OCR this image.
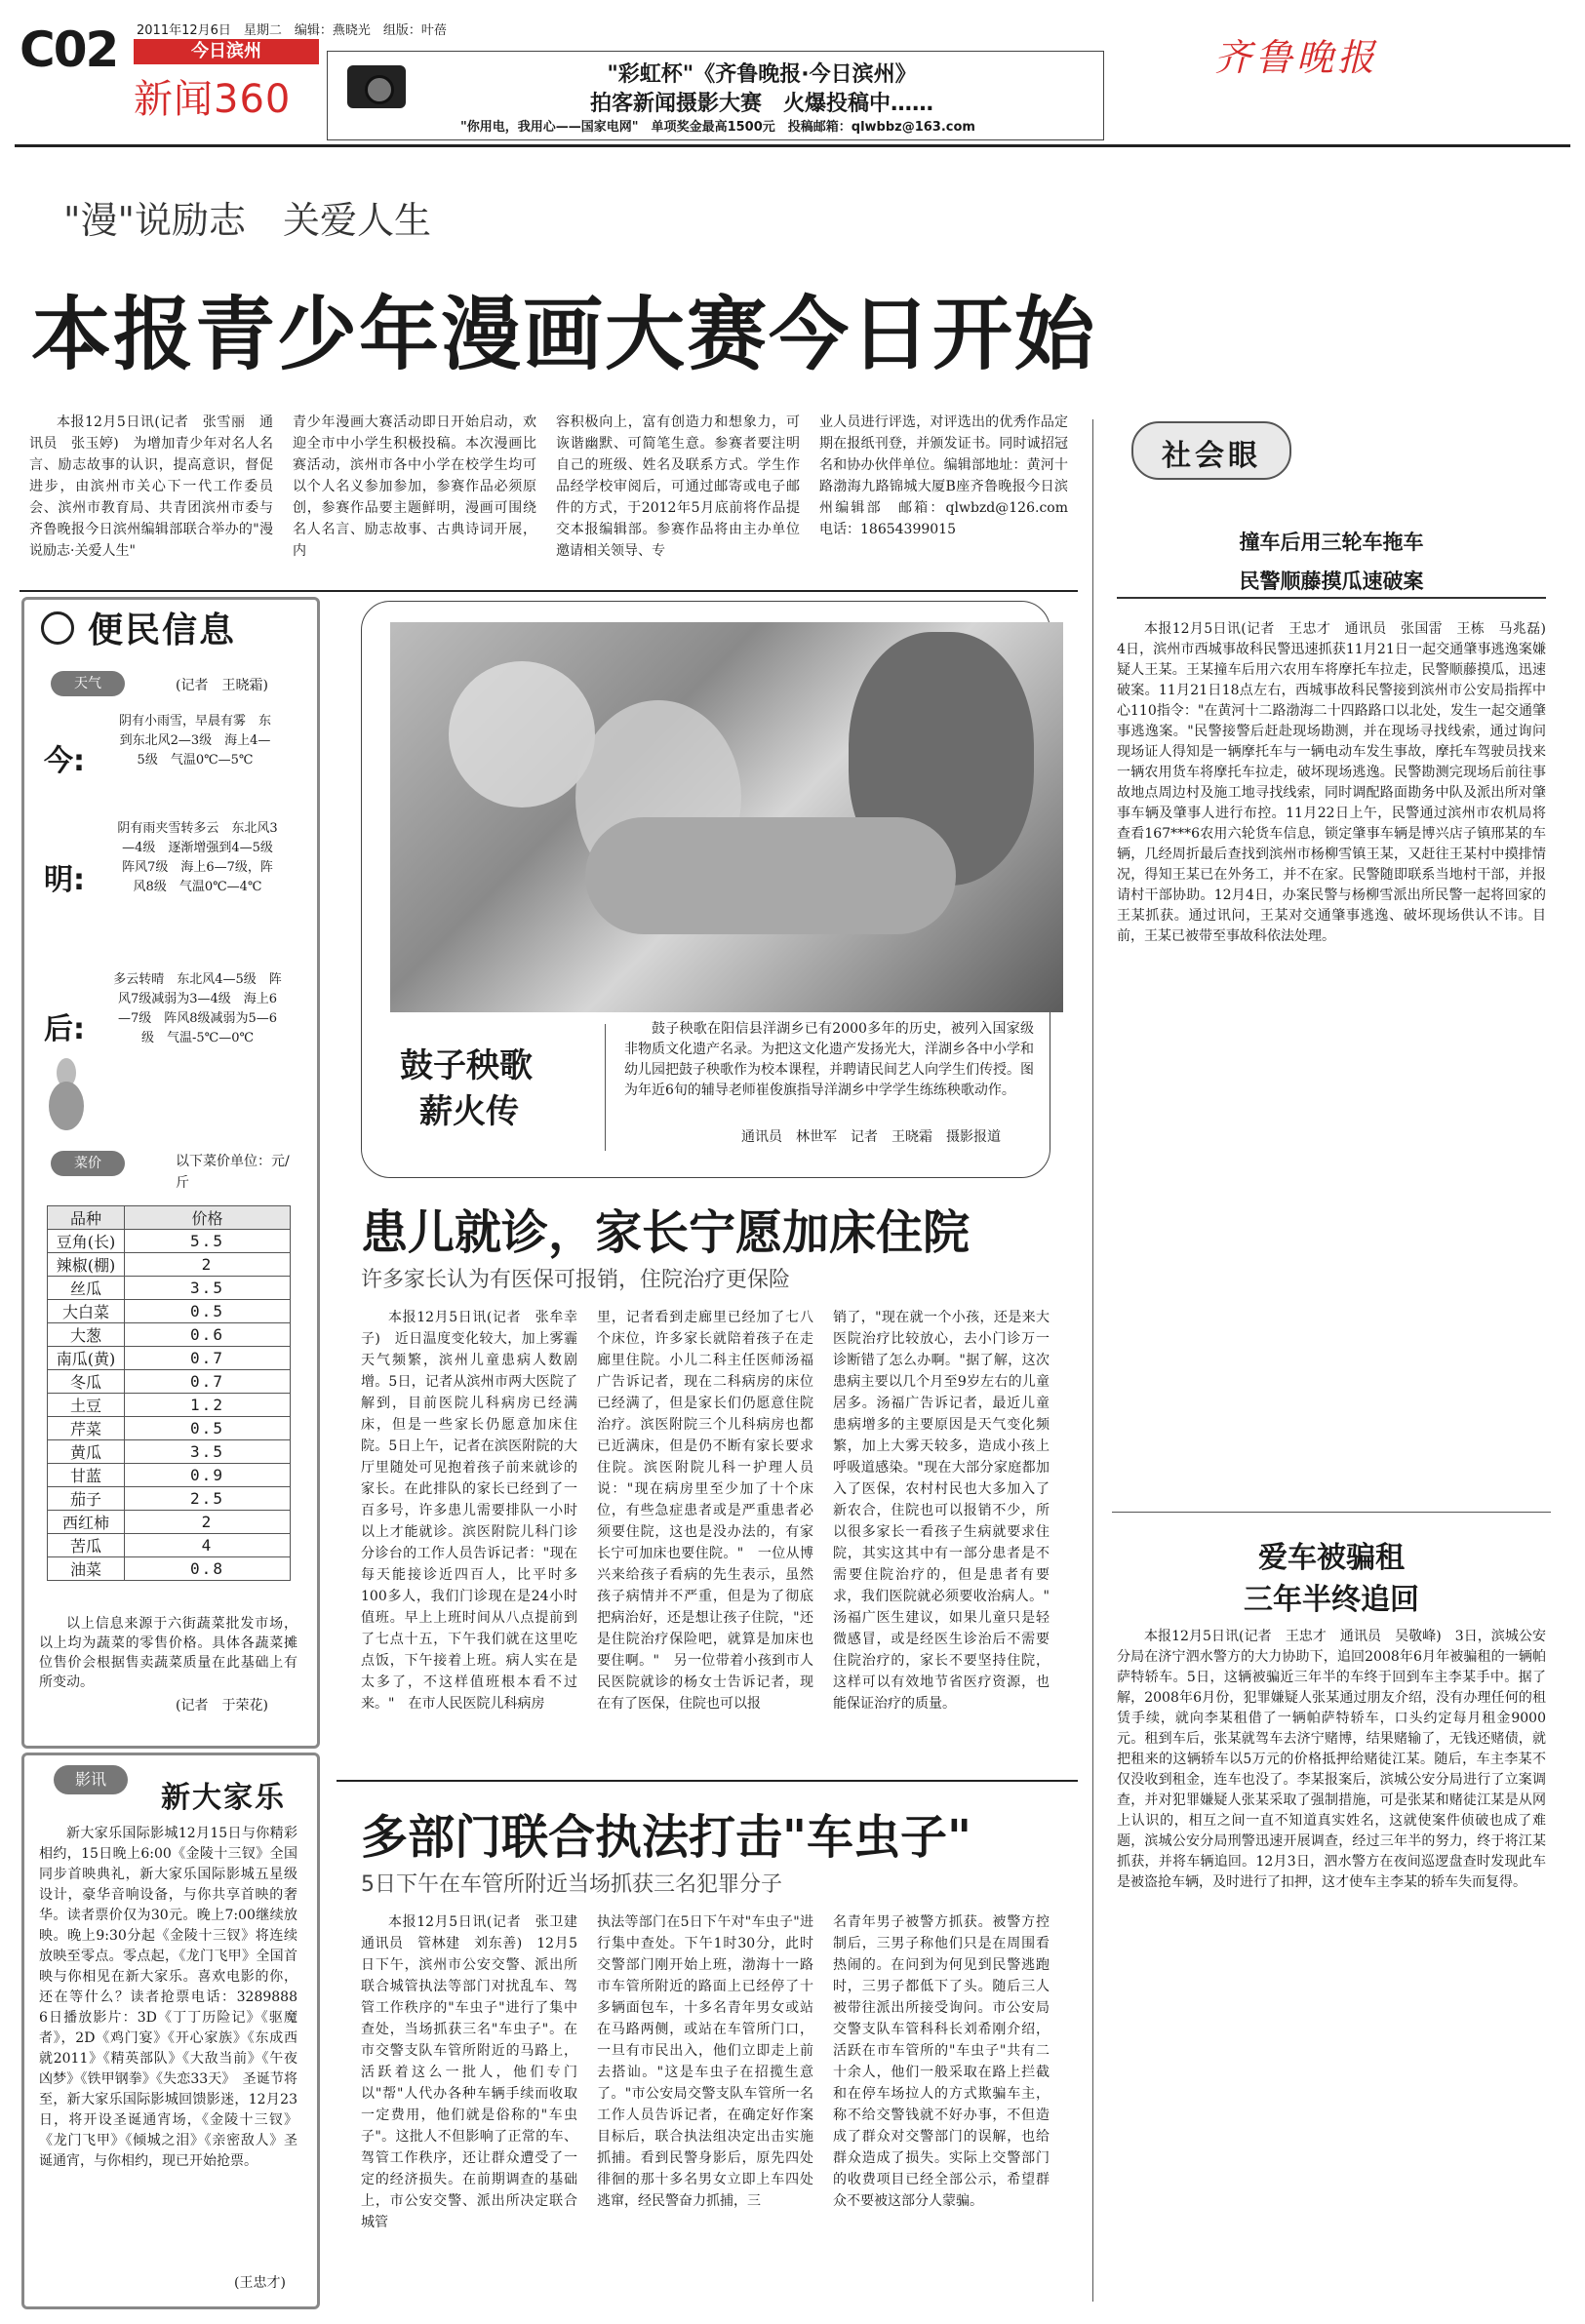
C02 2011年12月6日　星期二　编辑：燕晓光　组版：叶蓓
今日滨州
新闻360
"彩虹杯"《齐鲁晚报·今日滨州》
拍客新闻摄影大赛　火爆投稿中……
"你用电，我用心——国家电网"　单项奖金最高1500元　投稿邮箱：qlwbbz@163.com
齐鲁晚报
"漫"说励志　关爱人生
本报青少年漫画大赛今日开始

本报12月5日讯(记者　张雪丽　通讯员　张玉婷)　为增加青少年对名人名言、励志故事的认识，提高意识，督促进步，由滨州市关心下一代工作委员会、滨州市教育局、共青团滨州市委与齐鲁晚报今日滨州编辑部联合举办的"漫说励志·关爱人生"

青少年漫画大赛活动即日开始启动，欢迎全市中小学生积极投稿。本次漫画比赛活动，滨州市各中小学在校学生均可以个人名义参加参加，参赛作品必须原创，参赛作品要主题鲜明，漫画可围绕名人名言、励志故事、古典诗词开展，内

容积极向上，富有创造力和想象力，可诙谐幽默、可简笔生意。参赛者要注明自己的班级、姓名及联系方式。学生作品经学校审阅后，可通过邮寄或电子邮件的方式，于2012年5月底前将作品提交本报编辑部。参赛作品将由主办单位邀请相关领导、专

业人员进行评选，对评选出的优秀作品定期在报纸刊登，并颁发证书。同时诚招冠名和协办伙伴单位。编辑部地址：黄河十路渤海九路锦城大厦B座齐鲁晚报今日滨州编辑部　邮箱：qlwbzd@126.com　电话：18654399015

社会眼
撞车后用三轮车拖车
民警顺藤摸瓜速破案

本报12月5日讯(记者　王忠才　通讯员　张国雷　王栋　马兆磊)　4日，滨州市西城事故科民警迅速抓获11月21日一起交通肇事逃逸案嫌疑人王某。王某撞车后用六农用车将摩托车拉走，民警顺藤摸瓜，迅速破案。11月21日18点左右，西城事故科民警接到滨州市公安局指挥中心110指令："在黄河十二路渤海二十四路路口以北处，发生一起交通肇事逃逸案。"民警接警后赶赴现场勘测，并在现场寻找线索，通过询问现场证人得知是一辆摩托车与一辆电动车发生事故，摩托车驾驶员找来一辆农用货车将摩托车拉走，破坏现场逃逸。民警勘测完现场后前往事故地点周边村及施工地寻找线索，同时调配路面勘务中队及派出所对肇事车辆及肇事人进行布控。11月22日上午，民警通过滨州市农机局将查看167***6农用六轮货车信息，锁定肇事车辆是博兴店子镇邢某的车辆，几经周折最后查找到滨州市杨柳雪镇王某，又赶往王某村中摸排情况，得知王某已在外务工，并不在家。民警随即联系当地村干部，并报请村干部协助。12月4日，办案民警与杨柳雪派出所民警一起将回家的王某抓获。通过讯问，王某对交通肇事逃逸、破坏现场供认不讳。目前，王某已被带至事故科依法处理。

爱车被骗租
三年半终追回

本报12月5日讯(记者　王忠才　通讯员　吴敬峰)　3日，滨城公安分局在济宁泗水警方的大力协助下，追回2008年6月年被骗租的一辆帕萨特轿车。5日，这辆被骗近三年半的车终于回到车主李某手中。据了解，2008年6月份，犯罪嫌疑人张某通过朋友介绍，没有办理任何的租赁手续，就向李某租借了一辆帕萨特轿车，口头约定每月租金9000元。租到车后，张某就驾车去济宁赌博，结果赌输了，无钱还赌债，就把租来的这辆轿车以5万元的价格抵押给赌徒江某。随后，车主李某不仅没收到租金，连车也没了。李某报案后，滨城公安分局进行了立案调查，并对犯罪嫌疑人张某采取了强制措施，可是张某和赌徒江某是从网上认识的，相互之间一直不知道真实姓名，这就使案件侦破也成了难题，滨城公安分局刑警迅速开展调查，经过三年半的努力，终于将江某抓获，并将车辆追回。12月3日，泗水警方在夜间巡逻盘查时发现此车是被盗抢车辆，及时进行了扣押，这才使车主李某的轿车失而复得。

便民信息
天气	(记者　王晓霜)
今:
阴有小雨雪，早晨有雾　东到东北风2—3级　海上4—5级　气温0℃—5℃
明:
阴有雨夹雪转多云　东北风3—4级　逐渐增强到4—5级　阵风7级　海上6—7级，阵风8级　气温0℃—4℃
后:
多云转晴　东北风4—5级　阵风7级减弱为3—4级　海上6—7级　阵风8级减弱为5—6级　气温-5℃—0℃
菜价	以下菜价单位：元/斤
品种	价格
豆角(长)	5.5
辣椒(棚)	2
丝瓜	3.5
大白菜	0.5
大葱	0.6
南瓜(黄)	0.7
冬瓜	0.7
土豆	1.2
芹菜	0.5
黄瓜	3.5
甘蓝	0.9
茄子	2.5
西红柿	2
苦瓜	4
油菜	0.8

以上信息来源于六街蔬菜批发市场，以上均为蔬菜的零售价格。具体各蔬菜摊位售价会根据售卖蔬菜质量在此基础上有所变动。

(记者　于荣花)
影讯
新大家乐

新大家乐国际影城12月15日与你精彩相约，15日晚上6:00《金陵十三钗》全国同步首映典礼，新大家乐国际影城五星级设计，豪华音响设备，与你共享首映的奢华。读者票价仅为30元。晚上7:00继续放映。晚上9:30分起《金陵十三钗》将连续放映至零点。零点起，《龙门飞甲》全国首映与你相见在新大家乐。喜欢电影的你，还在等什么？读者抢票电话：3289888　6日播放影片：3D《丁丁历险记》《驱魔者》，2D《鸡门宴》《开心家族》《东成西就2011》《精英部队》《大敌当前》《午夜凶梦》《铁甲钢拳》《失恋33天》　圣诞节将至，新大家乐国际影城回馈影迷，12月23日，将开设圣诞通宵场，《金陵十三钗》《龙门飞甲》《倾城之泪》《亲密敌人》圣诞通宵，与你相约，现已开始抢票。

(王忠才)
鼓子秧歌
薪火传

鼓子秧歌在阳信县洋湖乡已有2000多年的历史，被列入国家级非物质文化遗产名录。为把这文化遗产发扬光大，洋湖乡各中小学和幼儿园把鼓子秧歌作为校本课程，并聘请民间艺人向学生们传授。图为年近6旬的辅导老师崔俊旗指导洋湖乡中学学生练练秧歌动作。

通讯员　林世军　记者　王晓霜　摄影报道
患儿就诊，家长宁愿加床住院
许多家长认为有医保可报销，住院治疗更保险

本报12月5日讯(记者　张牟幸子)　近日温度变化较大，加上雾霾天气频繁，滨州儿童患病人数剧增。5日，记者从滨州市两大医院了解到，目前医院儿科病房已经满床，但是一些家长仍愿意加床住院。5日上午，记者在滨医附院的大厅里随处可见抱着孩子前来就诊的家长。在此排队的家长已经到了一百多号，许多患儿需要排队一小时以上才能就诊。滨医附院儿科门诊分诊台的工作人员告诉记者："现在每天能接诊近四百人，比平时多100多人，我们门诊现在是24小时值班。早上上班时间从八点提前到了七点十五，下午我们就在这里吃点饭，下午接着上班。病人实在是太多了，不这样值班根本看不过来。"　在市人民医院儿科病房

里，记者看到走廊里已经加了七八个床位，许多家长就陪着孩子在走廊里住院。小儿二科主任医师汤福广告诉记者，现在二科病房的床位已经满了，但是家长们仍愿意住院治疗。滨医附院三个儿科病房也都已近满床，但是仍不断有家长要求住院。滨医附院儿科一护理人员说："现在病房里至少加了十个床位，有些急症患者或是严重患者必须要住院，这也是没办法的，有家长宁可加床也要住院。"　一位从博兴来给孩子看病的先生表示，虽然孩子病情并不严重，但是为了彻底把病治好，还是想让孩子住院，"还是住院治疗保险吧，就算是加床也要住啊。"　另一位带着小孩到市人民医院就诊的杨女士告诉记者，现在有了医保，住院也可以报

销了，"现在就一个小孩，还是来大医院治疗比较放心，去小门诊万一诊断错了怎么办啊。"据了解，这次患病主要以几个月至9岁左右的儿童居多。汤福广告诉记者，最近儿童患病增多的主要原因是天气变化频繁，加上大雾天较多，造成小孩上呼吸道感染。"现在大部分家庭都加入了医保，农村村民也大多加入了新农合，住院也可以报销不少，所以很多家长一看孩子生病就要求住院，其实这其中有一部分患者是不需要住院治疗的，但是患者有要求，我们医院就必须要收治病人。"　汤福广医生建议，如果儿童只是轻微感冒，或是经医生诊治后不需要住院治疗的，家长不要坚持住院，这样可以有效地节省医疗资源，也能保证治疗的质量。

多部门联合执法打击"车虫子"
5日下午在车管所附近当场抓获三名犯罪分子

本报12月5日讯(记者　张卫建　通讯员　管林建　刘东善)　12月5日下午，滨州市公安交警、派出所联合城管执法等部门对扰乱车、驾管工作秩序的"车虫子"进行了集中查处，当场抓获三名"车虫子"。在市交警支队车管所附近的马路上，活跃着这么一批人，他们专门以"帮"人代办各种车辆手续而收取一定费用，他们就是俗称的"车虫子"。这批人不但影响了正常的车、驾管工作秩序，还让群众遭受了一定的经济损失。在前期调查的基础上，市公安交警、派出所决定联合城管

执法等部门在5日下午对"车虫子"进行集中查处。下午1时30分，此时交警部门刚开始上班，渤海十一路市车管所附近的路面上已经停了十多辆面包车，十多名青年男女或站在马路两侧，或站在车管所门口，一旦有市民出入，他们立即走上前去搭讪。"这是车虫子在招揽生意了。"市公安局交警支队车管所一名工作人员告诉记者，在确定好作案目标后，联合执法组决定出击实施抓捕。看到民警身影后，原先四处徘徊的那十多名男女立即上车四处逃窜，经民警奋力抓捕，三

名青年男子被警方抓获。被警方控制后，三男子称他们只是在周围看热闹的。在问到为何见到民警逃跑时，三男子都低下了头。随后三人被带往派出所接受询问。市公安局交警支队车管科科长刘希刚介绍，活跃在市车管所的"车虫子"共有二十余人，他们一般采取在路上拦截和在停车场拉人的方式欺骗车主，称不给交警钱就不好办事，不但造成了群众对交警部门的误解，也给群众造成了损失。实际上交警部门的收费项目已经全部公示，希望群众不要被这部分人蒙骗。
